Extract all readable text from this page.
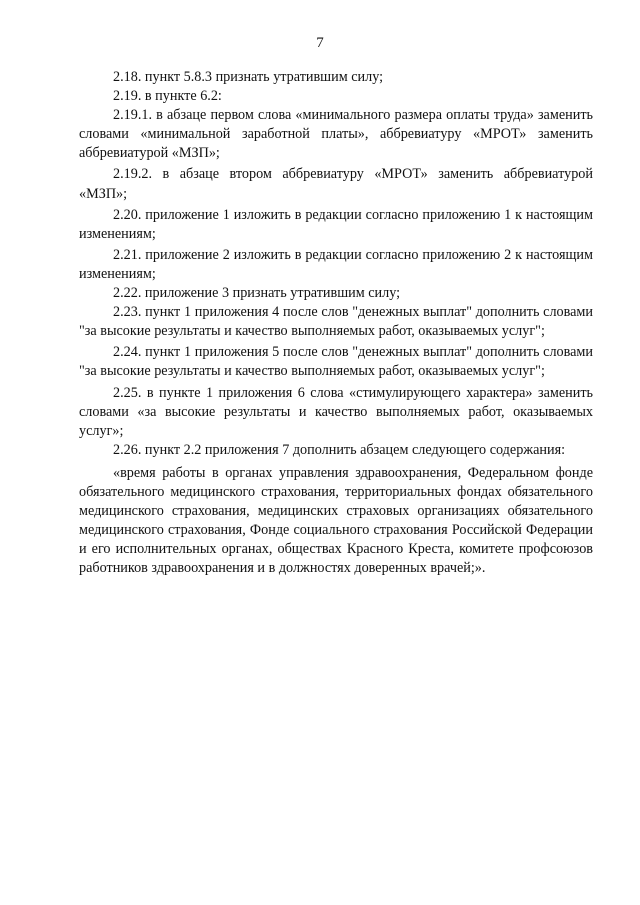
7

2.18. пункт 5.8.3 признать утратившим силу;

2.19. в пункте 6.2:

2.19.1. в абзаце первом слова «минимального размера оплаты труда» заменить словами «минимальной заработной платы», аббревиатуру «МРОТ» заменить аббревиатурой «МЗП»;

2.19.2. в абзаце втором аббревиатуру «МРОТ» заменить аббревиатурой «МЗП»;

2.20. приложение 1 изложить в редакции согласно приложению 1 к настоящим изменениям;

2.21. приложение 2 изложить в редакции согласно приложению 2 к настоящим изменениям;

2.22. приложение 3 признать утратившим силу;

2.23. пункт 1 приложения 4 после слов "денежных выплат" дополнить словами "за высокие результаты и качество выполняемых работ, оказываемых услуг";

2.24. пункт 1 приложения 5 после слов "денежных выплат" дополнить словами "за высокие результаты и качество выполняемых работ, оказываемых услуг";

2.25. в пункте 1 приложения 6 слова «стимулирующего характера» заменить словами «за высокие результаты и качество выполняемых работ, оказываемых услуг»;

2.26. пункт 2.2 приложения 7 дополнить абзацем следующего содержания:

«время работы в органах управления здравоохранения, Федеральном фонде обязательного медицинского страхования, территориальных фондах обязательного медицинского страхования, медицинских страховых организациях обязательного медицинского страхования, Фонде социального страхования Российской Федерации и его исполнительных органах, обществах Красного Креста, комитете профсоюзов работников здравоохранения и в должностях доверенных врачей;».
